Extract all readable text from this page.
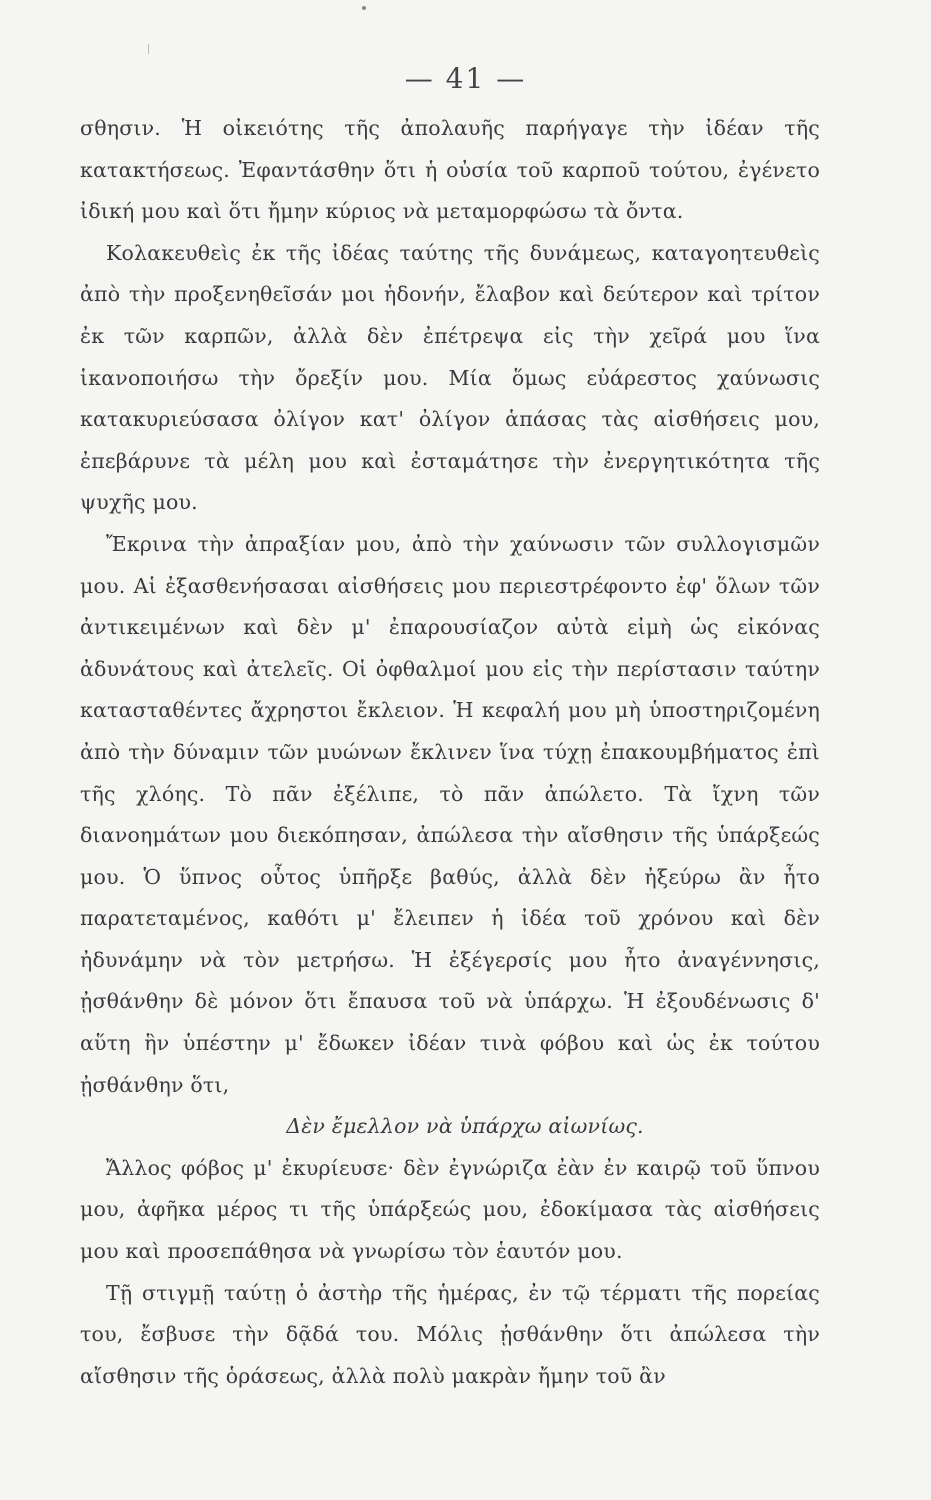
— 41 —

σθησιν. Ἡ οἰκειότης τῆς ἀπολαυῆς παρήγαγε τὴν ἰδέαν τῆς κατακτήσεως. Ἐφαντάσθην ὅτι ἡ οὐσία τοῦ καρποῦ τούτου, ἐγένετο ἰδική μου καὶ ὅτι ἤμην κύριος νὰ μεταμορφώσω τὰ ὄντα.

Κολακευθεὶς ἐκ τῆς ἰδέας ταύτης τῆς δυνάμεως, καταγοητευθεὶς ἀπὸ τὴν προξενηθεῖσάν μοι ἡδονήν, ἔλαβον καὶ δεύτερον καὶ τρίτον ἐκ τῶν καρπῶν, ἀλλὰ δὲν ἐπέτρεψα εἰς τὴν χεῖρά μου ἵνα ἱκανοποιήσω τὴν ὄρεξίν μου. Μία ὅμως εὐάρεστος χαύνωσις κατακυριεύσασα ὀλίγον κατ' ὀλίγον ἁπάσας τὰς αἰσθήσεις μου, ἐπεβάρυνε τὰ μέλη μου καὶ ἐσταμάτησε τὴν ἐνεργητικότητα τῆς ψυχῆς μου.

Ἔκρινα τὴν ἀπραξίαν μου, ἀπὸ τὴν χαύνωσιν τῶν συλλογισμῶν μου. Αἱ ἐξασθενήσασαι αἰσθήσεις μου περιεστρέφοντο ἐφ' ὅλων τῶν ἀντικειμένων καὶ δὲν μ' ἐπαρουσίαζον αὐτὰ εἰμὴ ὡς εἰκόνας ἀδυνάτους καὶ ἀτελεῖς. Οἱ ὀφθαλμοί μου εἰς τὴν περίστασιν ταύτην κατασταθέντες ἄχρηστοι ἔκλειον. Ἡ κεφαλή μου μὴ ὑποστηριζομένη ἀπὸ τὴν δύναμιν τῶν μυώνων ἔκλινεν ἵνα τύχῃ ἐπακουμβήματος ἐπὶ τῆς χλόης. Τὸ πᾶν ἐξέλιπε, τὸ πᾶν ἀπώλετο. Τὰ ἴχνη τῶν διανοημάτων μου διεκόπησαν, ἀπώλεσα τὴν αἴσθησιν τῆς ὑπάρξεώς μου. Ὁ ὕπνος οὗτος ὑπῆρξε βαθύς, ἀλλὰ δὲν ἠξεύρω ἂν ἦτο παρατεταμένος, καθότι μ' ἔλειπεν ἡ ἰδέα τοῦ χρόνου καὶ δὲν ἠδυνάμην νὰ τὸν μετρήσω. Ἡ ἐξέγερσίς μου ἦτο ἀναγέννησις, ᾐσθάνθην δὲ μόνον ὅτι ἔπαυσα τοῦ νὰ ὑπάρχω. Ἡ ἐξουδένωσις δ' αὕτη ἣν ὑπέστην μ' ἔδωκεν ἰδέαν τινὰ φόβου καὶ ὡς ἐκ τούτου ᾐσθάνθην ὅτι,

Δὲν ἔμελλον νὰ ὑπάρχω αἰωνίως.

Ἄλλος φόβος μ' ἐκυρίευσε· δὲν ἐγνώριζα ἐὰν ἐν καιρῷ τοῦ ὕπνου μου, ἀφῆκα μέρος τι τῆς ὑπάρξεώς μου, ἐδοκίμασα τὰς αἰσθήσεις μου καὶ προσεπάθησα νὰ γνωρίσω τὸν ἑαυτόν μου.

Τῇ στιγμῇ ταύτῃ ὁ ἀστὴρ τῆς ἡμέρας, ἐν τῷ τέρματι τῆς πορείας του, ἔσβυσε τὴν δᾷδά του. Μόλις ᾐσθάνθην ὅτι ἀπώλεσα τὴν αἴσθησιν τῆς ὁράσεως, ἀλλὰ πολὺ μακρὰν ἤμην τοῦ ἂν
